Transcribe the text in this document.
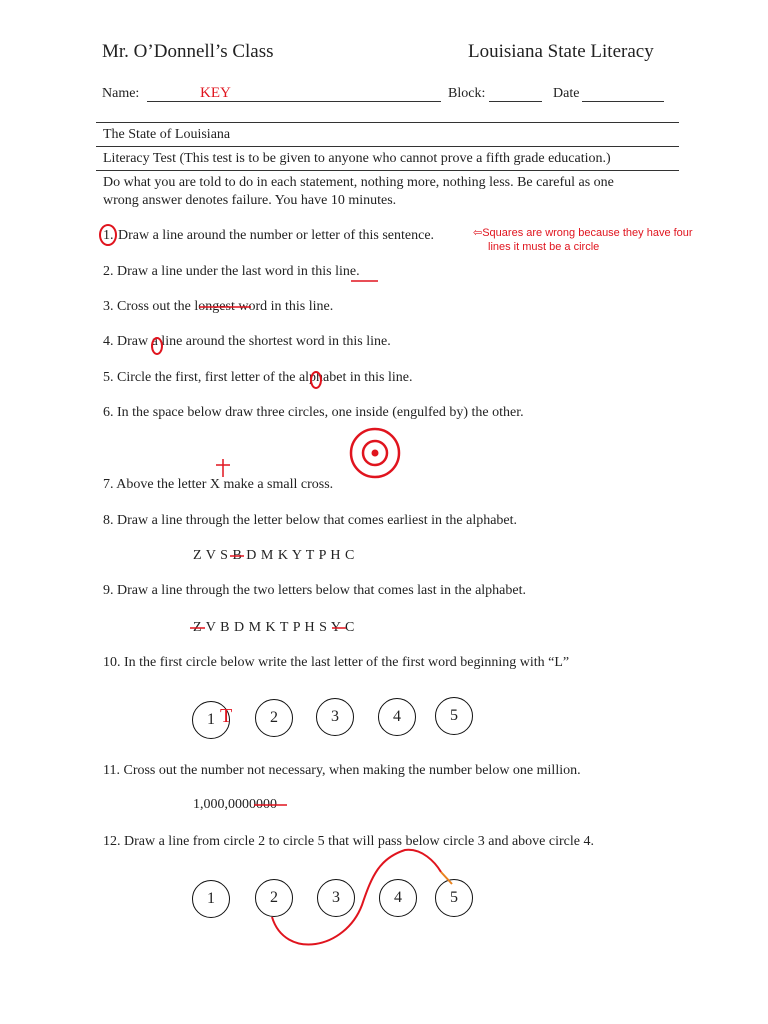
Mr. O’Donnell’s Class	Louisiana State Literacy
Name:	KEY	Block:	Date
The State of Louisiana
Literacy Test (This test is to be given to anyone who cannot prove a fifth grade education.)
Do what you are told to do in each statement, nothing more, nothing less. Be careful as one
wrong answer denotes failure. You have 10 minutes.
1. Draw a line around the number or letter of this sentence.	⇦Squares are wrong because they have four
lines it must be a circle
2. Draw a line under the last word in this line.
3. Cross out the longest word in this line.
4. Draw a line around the shortest word in this line.
5. Circle the first, first letter of the alphabet in this line.
6. In the space below draw three circles, one inside (engulfed by) the other.
7. Above the letter X make a small cross.
8. Draw a line through the letter below that comes earliest in the alphabet.
Z V S B D M K Y T P H C
9. Draw a line through the two letters below that comes last in the alphabet.
Z V B D M K T P H S Y C
10. In the first circle below write the last letter of the first word beginning with “L”
1	2	3	4	5
T
11. Cross out the number not necessary, when making the number below one million.
1,000,0000000
12. Draw a line from circle 2 to circle 5 that will pass below circle 3 and above circle 4.
1	2	3	4	5
